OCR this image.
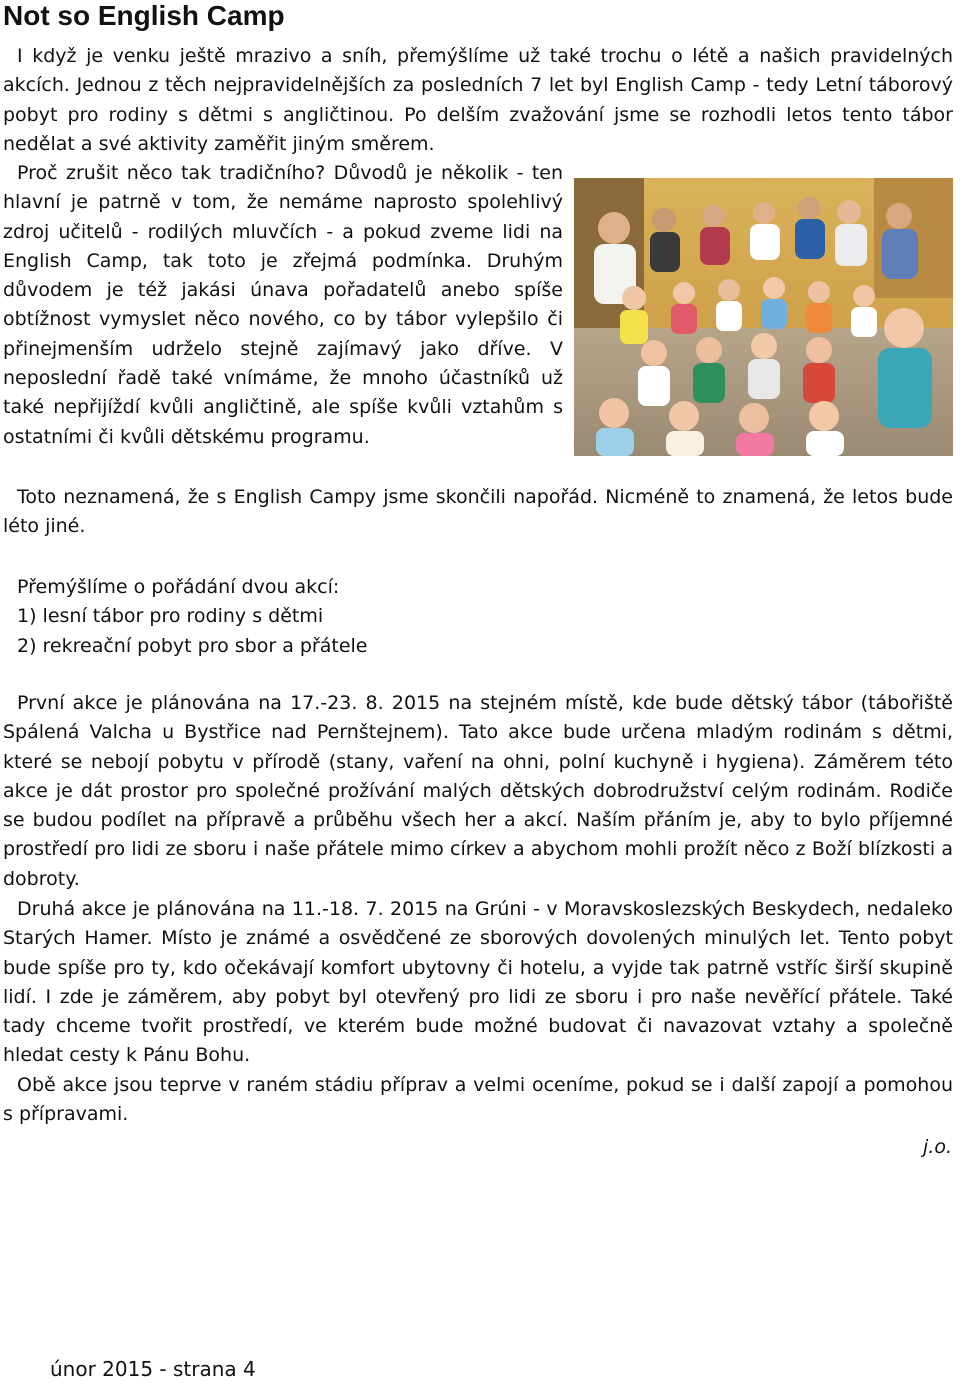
Not so English Camp

I když je venku ještě mrazivo a sníh, přemýšlíme už také trochu o létě a našich pravidelných akcích. Jednou z těch nejpravidelnějších za posledních 7 let byl English Camp - tedy Letní táborový pobyt pro rodiny s dětmi s angličtinou. Po delším zvažování jsme se rozhodli letos tento tábor nedělat a své aktivity zaměřit jiným směrem.

Proč zrušit něco tak tradičního? Důvodů je několik - ten hlavní je patrně v tom, že nemáme naprosto spolehlivý zdroj učitelů - rodilých mluvčích - a pokud zveme lidi na English Camp, tak toto je zřejmá podmínka. Druhým důvodem je též jakási únava pořadatelů anebo spíše obtížnost vymyslet něco nového, co by tábor vylepšilo či přinejmenším udrželo stejně zajímavý jako dříve. V neposlední řadě také vnímáme, že mnoho účastníků už také nepřijíždí kvůli angličtině, ale spíše kvůli vztahům s ostatními či kvůli dětskému programu.

Toto neznamená, že s English Campy jsme skončili napořád. Nicméně to znamená, že letos bude léto jiné.

Přemýšlíme o pořádání dvou akcí:
1) lesní tábor pro rodiny s dětmi
2) rekreační pobyt pro sbor a přátele

První akce je plánována na 17.-23. 8. 2015 na stejném místě, kde bude dětský tábor (tábořiště Spálená Valcha u Bystřice nad Pernštejnem). Tato akce bude určena mladým rodinám s dětmi, které se nebojí pobytu v přírodě (stany, vaření na ohni, polní kuchyně i hygiena). Záměrem této akce je dát prostor pro společné prožívání malých dětských dobrodružství celým rodinám. Rodiče se budou podílet na přípravě a průběhu všech her a akcí. Naším přáním je, aby to bylo příjemné prostředí pro lidi ze sboru i naše přátele mimo církev a abychom mohli prožít něco z Boží blízkosti a dobroty.

Druhá akce je plánována na 11.-18. 7. 2015 na Grúni - v Moravskoslezských Beskydech, nedaleko Starých Hamer. Místo je známé a osvědčené ze sborových dovolených minulých let. Tento pobyt bude spíše pro ty, kdo očekávají komfort ubytovny či hotelu, a vyjde tak patrně vstříc širší skupině lidí. I zde je záměrem, aby pobyt byl otevřený pro lidi ze sboru i pro naše nevěřící přátele. Také tady chceme tvořit prostředí, ve kterém bude možné budovat či navazovat vztahy a společně hledat cesty k Pánu Bohu.

Obě akce jsou teprve v raném stádiu příprav a velmi oceníme, pokud se i další zapojí a pomohou s přípravami.

j.o.
únor 2015 - strana 4
